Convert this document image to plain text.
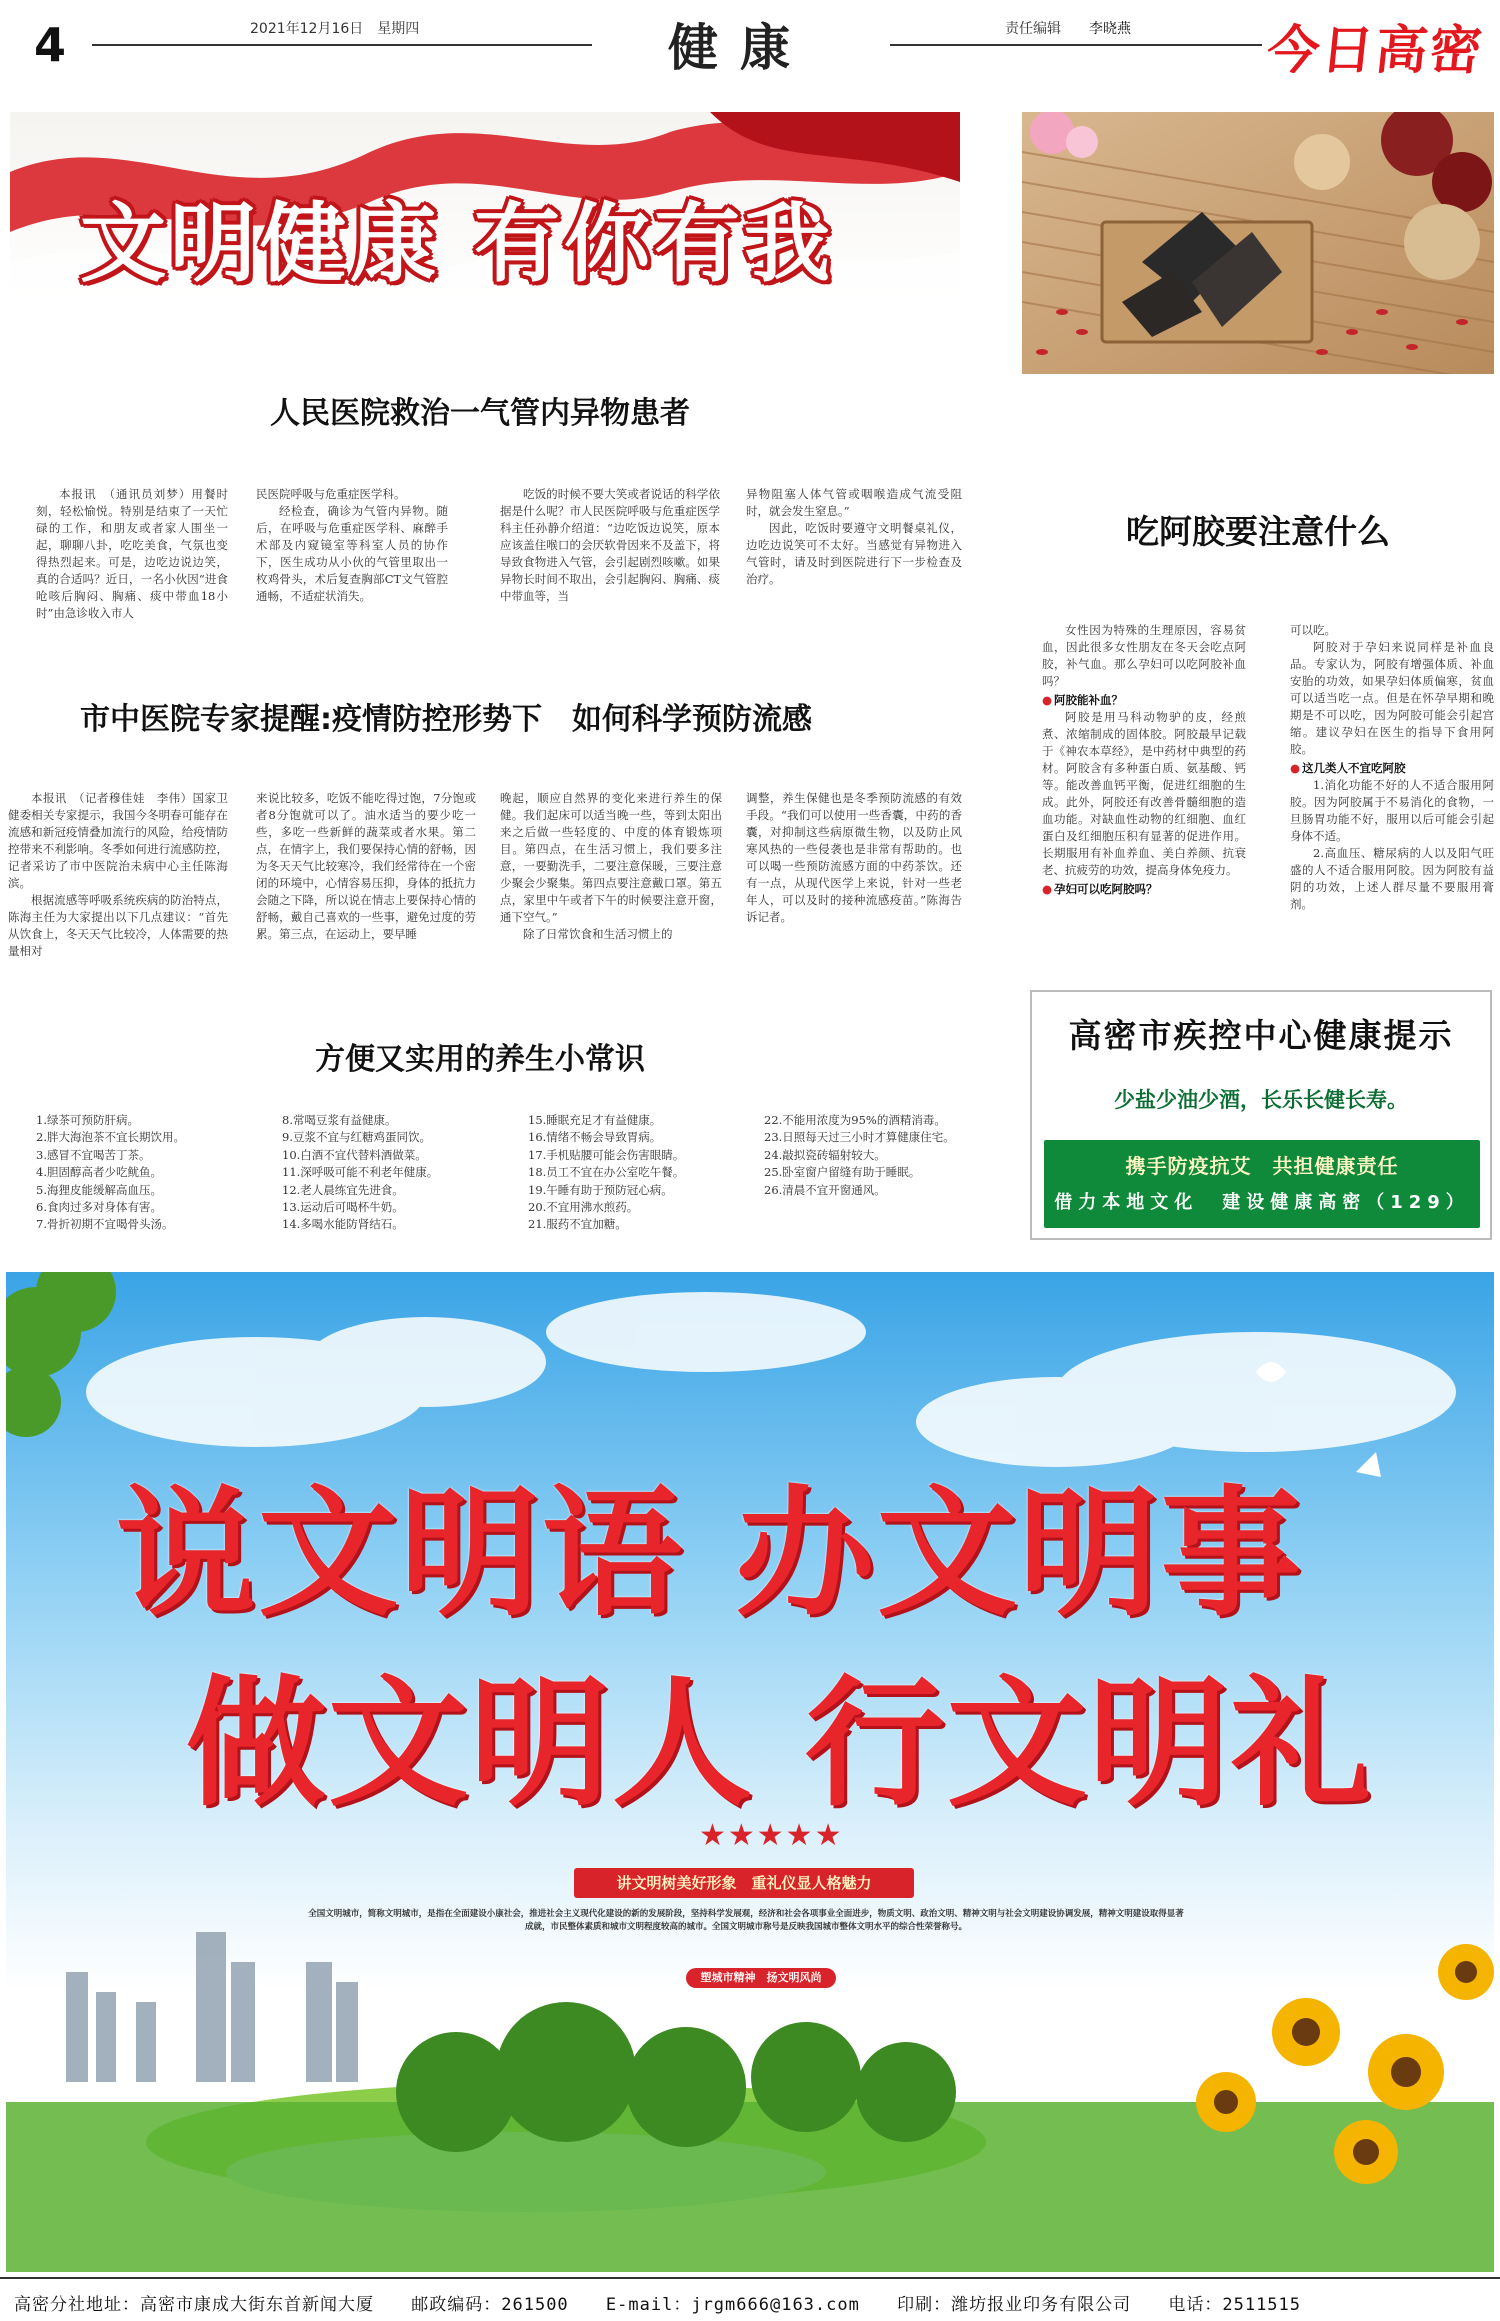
4	2021年12月16日　星期四	健康	责任编辑　　 李晓燕	今日高密
文明健康 有你有我
人民医院救治一气管内异物患者

本报讯　（通讯员刘梦）用餐时刻，轻松愉悦。特别是结束了一天忙碌的工作，和朋友或者家人围坐一起，聊聊八卦，吃吃美食，气氛也变得热烈起来。可是，边吃边说边笑，真的合适吗？近日，一名小伙因“进食呛咳后胸闷、胸痛、痰中带血18小时”由急诊收入市人

民医院呼吸与危重症医学科。

经检查，确诊为气管内异物。随后，在呼吸与危重症医学科、麻醉手术部及内窥镜室等科室人员的协作下，医生成功从小伙的气管里取出一枚鸡骨头，术后复查胸部CT文气管腔通畅，不适症状消失。

吃饭的时候不要大笑或者说话的科学依据是什么呢？市人民医院呼吸与危重症医学科主任孙静介绍道：“边吃饭边说笑，原本应该盖住喉口的会厌软骨因来不及盖下，将导致食物进入气管，会引起剧烈咳嗽。如果异物长时间不取出，会引起胸闷、胸痛、痰中带血等，当

异物阻塞人体气管或咽喉造成气流受阻时，就会发生窒息。”

因此，吃饭时要遵守文明餐桌礼仪，边吃边说笑可不太好。当感觉有异物进入气管时，请及时到医院进行下一步检查及治疗。

市中医院专家提醒:疫情防控形势下　如何科学预防流感

本报讯　（记者穆佳娃　李伟）国家卫健委相关专家提示，我国今冬明春可能存在流感和新冠疫情叠加流行的风险，给疫情防控带来不利影响。冬季如何进行流感防控，记者采访了市中医院治未病中心主任陈海滨。

根据流感等呼吸系统疾病的防治特点，陈海主任为大家提出以下几点建议：“首先从饮食上，冬天天气比较冷，人体需要的热量相对

来说比较多，吃饭不能吃得过饱，7分饱或者8分饱就可以了。油水适当的要少吃一些，多吃一些新鲜的蔬菜或者水果。第二点，在情字上，我们要保持心情的舒畅，因为冬天天气比较寒冷，我们经常待在一个密闭的环境中，心情容易压抑，身体的抵抗力会随之下降，所以说在情志上要保持心情的舒畅，戴自己喜欢的一些事，避免过度的劳累。第三点，在运动上，要早睡

晚起，顺应自然界的变化来进行养生的保健。我们起床可以适当晚一些，等到太阳出来之后做一些轻度的、中度的体育锻炼项目。第四点，在生活习惯上，我们要多注意，一要勤洗手，二要注意保暖，三要注意少聚会少聚集。第四点要注意戴口罩。第五点，家里中午或者下午的时候要注意开窗，通下空气。”

除了日常饮食和生活习惯上的

调整，养生保健也是冬季预防流感的有效手段。“我们可以使用一些香囊，中药的香囊，对抑制这些病原微生物，以及防止风寒风热的一些侵袭也是非常有帮助的。也可以喝一些预防流感方面的中药茶饮。还有一点，从现代医学上来说，针对一些老年人，可以及时的接种流感疫苗。”陈海告诉记者。

方便又实用的养生小常识
1.绿茶可预防肝病。
2.胖大海泡茶不宜长期饮用。
3.感冒不宜喝苦丁茶。
4.胆固醇高者少吃鱿鱼。
5.海狸皮能缓解高血压。
6.食肉过多对身体有害。
7.骨折初期不宜喝骨头汤。
8.常喝豆浆有益健康。
9.豆浆不宜与红糖鸡蛋同饮。
10.白酒不宜代替料酒做菜。
11.深呼吸可能不利老年健康。
12.老人晨练宜先进食。
13.运动后可喝杯牛奶。
14.多喝水能防肾结石。
15.睡眠充足才有益健康。
16.情绪不畅会导致胃病。
17.手机贴腰可能会伤害眼睛。
18.员工不宜在办公室吃午餐。
19.午睡有助于预防冠心病。
20.不宜用沸水煎药。
21.服药不宜加糖。
22.不能用浓度为95%的酒精消毒。
23.日照每天过三小时才算健康住宅。
24.敲拟瓷砖辐射较大。
25.卧室窗户留缝有助于睡眠。
26.清晨不宜开窗通风。
吃阿胶要注意什么

女性因为特殊的生理原因，容易贫血，因此很多女性朋友在冬天会吃点阿胶，补气血。那么孕妇可以吃阿胶补血吗？

● 阿胶能补血？

阿胶是用马科动物驴的皮，经煎煮、浓缩制成的固体胶。阿胶最早记载于《神农本草经》，是中药材中典型的药材。阿胶含有多种蛋白质、氨基酸、钙等。能改善血钙平衡，促进红细胞的生成。此外，阿胶还有改善骨髓细胞的造血功能。对缺血性动物的红细胞、血红蛋白及红细胞压积有显著的促进作用。长期服用有补血养血、美白养颜、抗衰老、抗疲劳的功效，提高身体免疫力。

● 孕妇可以吃阿胶吗？

可以吃。

阿胶对于孕妇来说同样是补血良品。专家认为，阿胶有增强体质、补血安胎的功效，如果孕妇体质偏寒，贫血可以适当吃一点。但是在怀孕早期和晚期是不可以吃，因为阿胶可能会引起宫缩。建议孕妇在医生的指导下食用阿胶。

● 这几类人不宜吃阿胶

1.消化功能不好的人不适合服用阿胶。因为阿胶属于不易消化的食物，一旦肠胃功能不好，服用以后可能会引起身体不适。

2.高血压、糖尿病的人以及阳气旺盛的人不适合服用阿胶。因为阿胶有益阴的功效，上述人群尽量不要服用膏剂。

高密市疾控中心健康提示
少盐少油少酒，长乐长健长寿。
携手防疫抗艾　共担健康责任
借力本地文化　建设健康高密（129）
说文明语 办文明事
做文明人 行文明礼
★★★★★
讲文明树美好形象　重礼仪显人格魅力
全国文明城市，简称文明城市，是指在全面建设小康社会，推进社会主义现代化建设的新的发展阶段，坚持科学发展观，经济和社会各项事业全面进步，物质文明、政治文明、精神文明与社会文明建设协调发展，精神文明建设取得显著成就，市民整体素质和城市文明程度较高的城市。全国文明城市称号是反映我国城市整体文明水平的综合性荣誉称号。
塑城市精神　扬文明风尚
高密分社地址：高密市康成大街东首新闻大厦 邮政编码：261500 E-mail：jrgm666@163.com 印刷：潍坊报业印务有限公司 电话：2511515
